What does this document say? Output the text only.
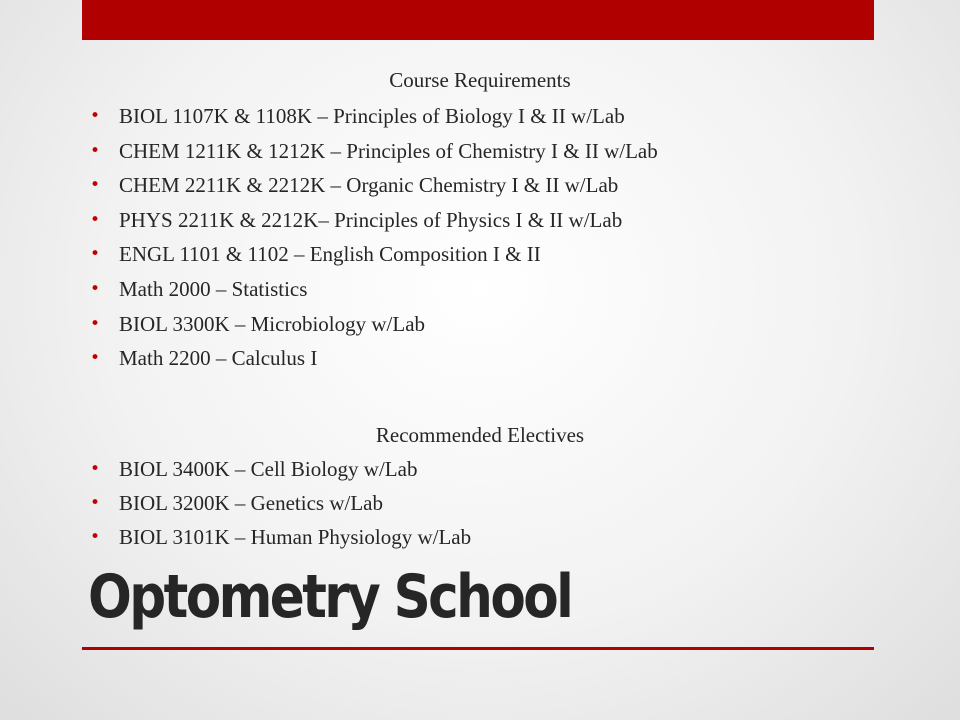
Course Requirements
• BIOL 1107K & 1108K – Principles of Biology I & II w/Lab
• CHEM 1211K & 1212K – Principles of Chemistry I & II w/Lab
• CHEM 2211K & 2212K – Organic Chemistry I & II w/Lab
• PHYS 2211K & 2212K– Principles of Physics I & II w/Lab
• ENGL 1101 & 1102 – English Composition I & II
• Math 2000 – Statistics
• BIOL 3300K – Microbiology w/Lab
• Math 2200 – Calculus I
Recommended Electives
• BIOL 3400K – Cell Biology w/Lab
• BIOL 3200K – Genetics w/Lab
• BIOL 3101K – Human Physiology w/Lab
Optometry School
